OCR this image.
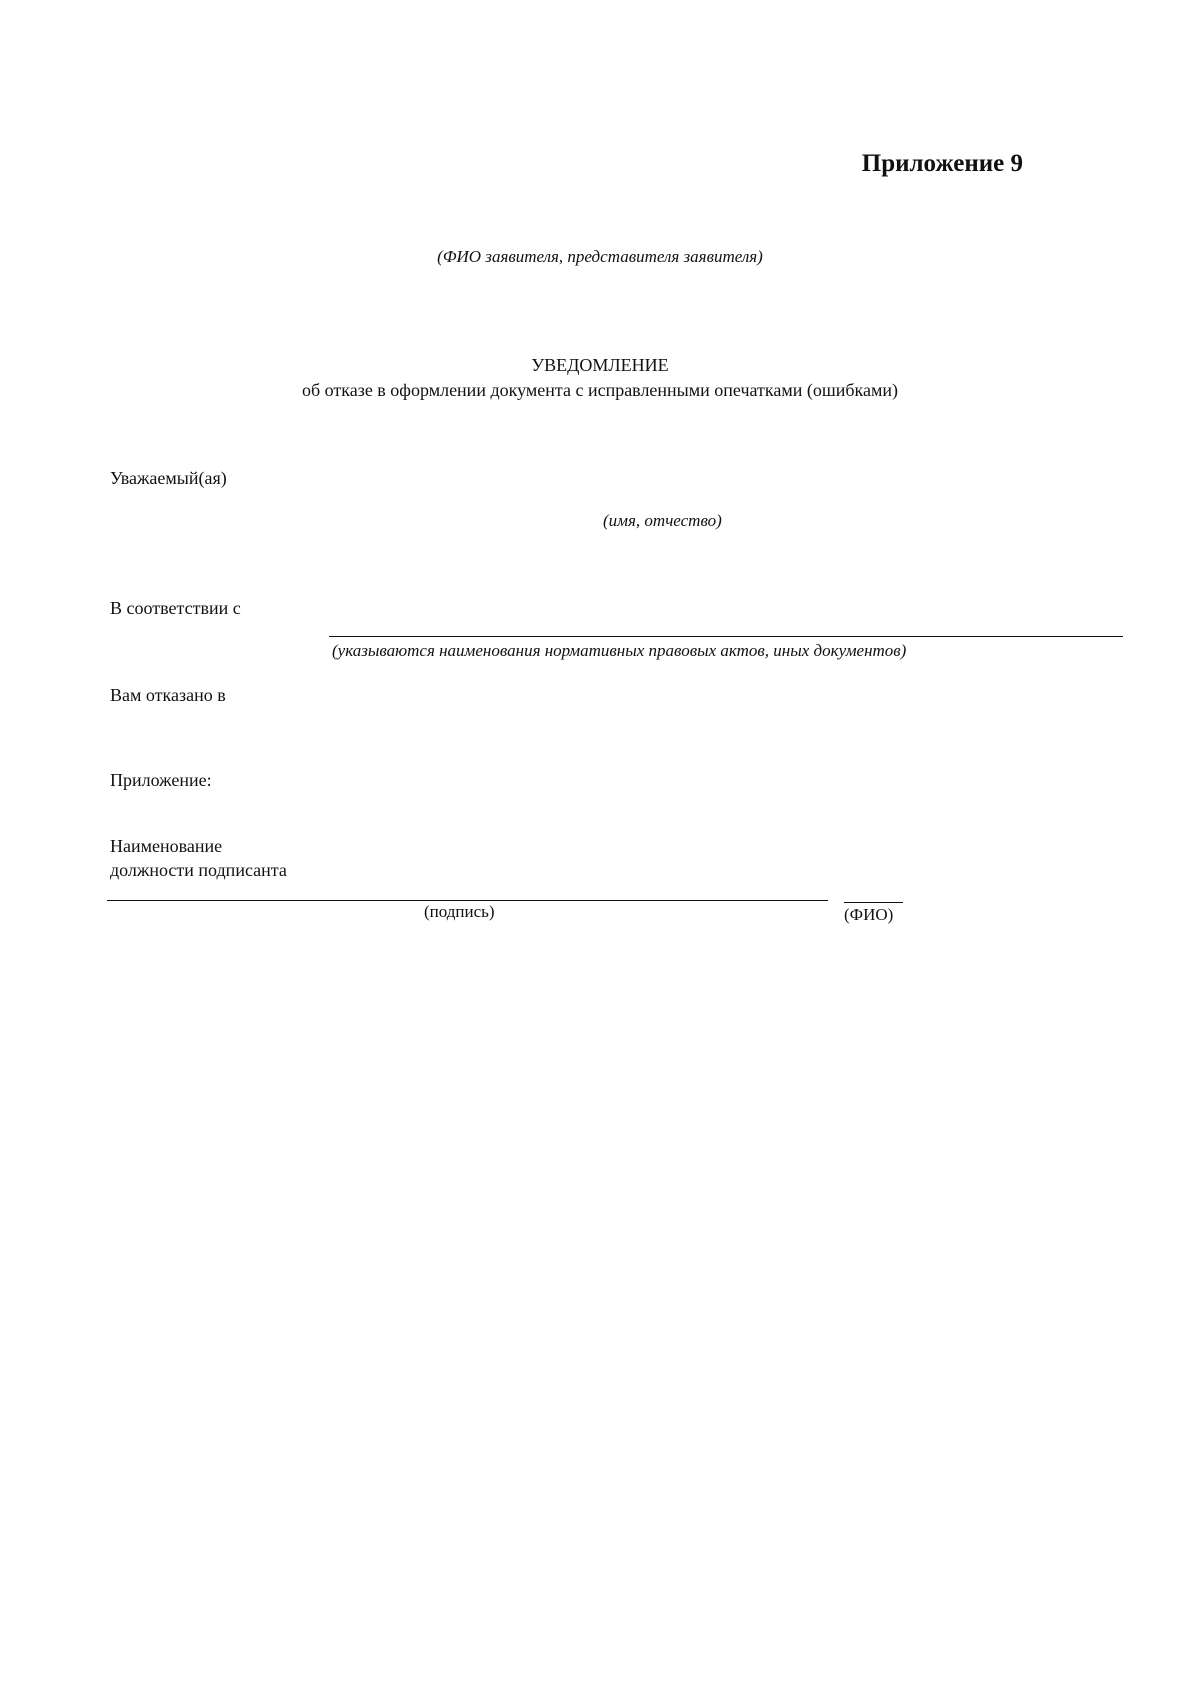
Приложение 9
(ФИО заявителя, представителя заявителя)
УВЕДОМЛЕНИЕ
об отказе в оформлении документа с исправленными опечатками (ошибками)
Уважаемый(ая)
(имя, отчество)
В соответствии с
(указываются наименования нормативных правовых актов, иных документов)
Вам отказано в
Приложение:
Наименование
должности подписанта
(подпись)	(ФИО)
